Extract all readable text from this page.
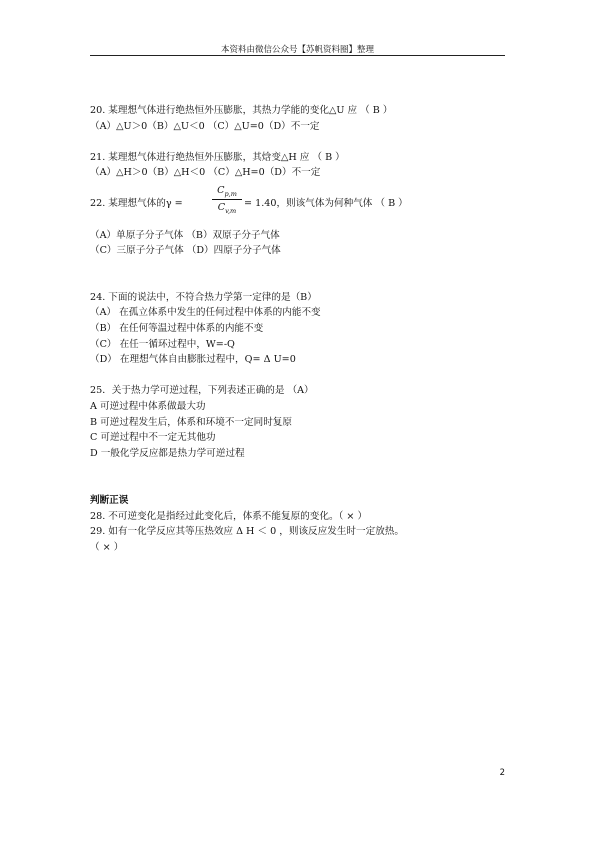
本资料由微信公众号【苏帆资料圈】整理
20. 某理想气体进行绝热恒外压膨胀，其热力学能的变化△U 应 （ B ）
（A）△U＞0（B）△U＜0 （C）△U=0（D）不一定
21. 某理想气体进行绝热恒外压膨胀，其焓变△H 应 （ B ）
（A）△H＞0（B）△H＜0 （C）△H=0（D）不一定
22. 某理想气体的γ =
$C_{p,m}$
$C_{v,m}$
= 1.40，则该气体为何种气体 （ B ）
（A）单原子分子气体 （B）双原子分子气体
（C）三原子分子气体 （D）四原子分子气体
24. 下面的说法中，不符合热力学第一定律的是（B）
（A） 在孤立体系中发生的任何过程中体系的内能不变
（B） 在任何等温过程中体系的内能不变
（C） 在任一循环过程中，W=-Q
（D） 在理想气体自由膨胀过程中，Q= Δ U=0
25．关于热力学可逆过程，下列表述正确的是 （A）
A 可逆过程中体系做最大功
B 可逆过程发生后，体系和环境不一定同时复原
C 可逆过程中不一定无其他功
D 一般化学反应都是热力学可逆过程
判断正误
28. 不可逆变化是指经过此变化后，体系不能复原的变化。（ × ）
29. 如有一化学反应其等压热效应 Δ H ＜ 0 ，则该反应发生时一定放热。
（ × ）
2
